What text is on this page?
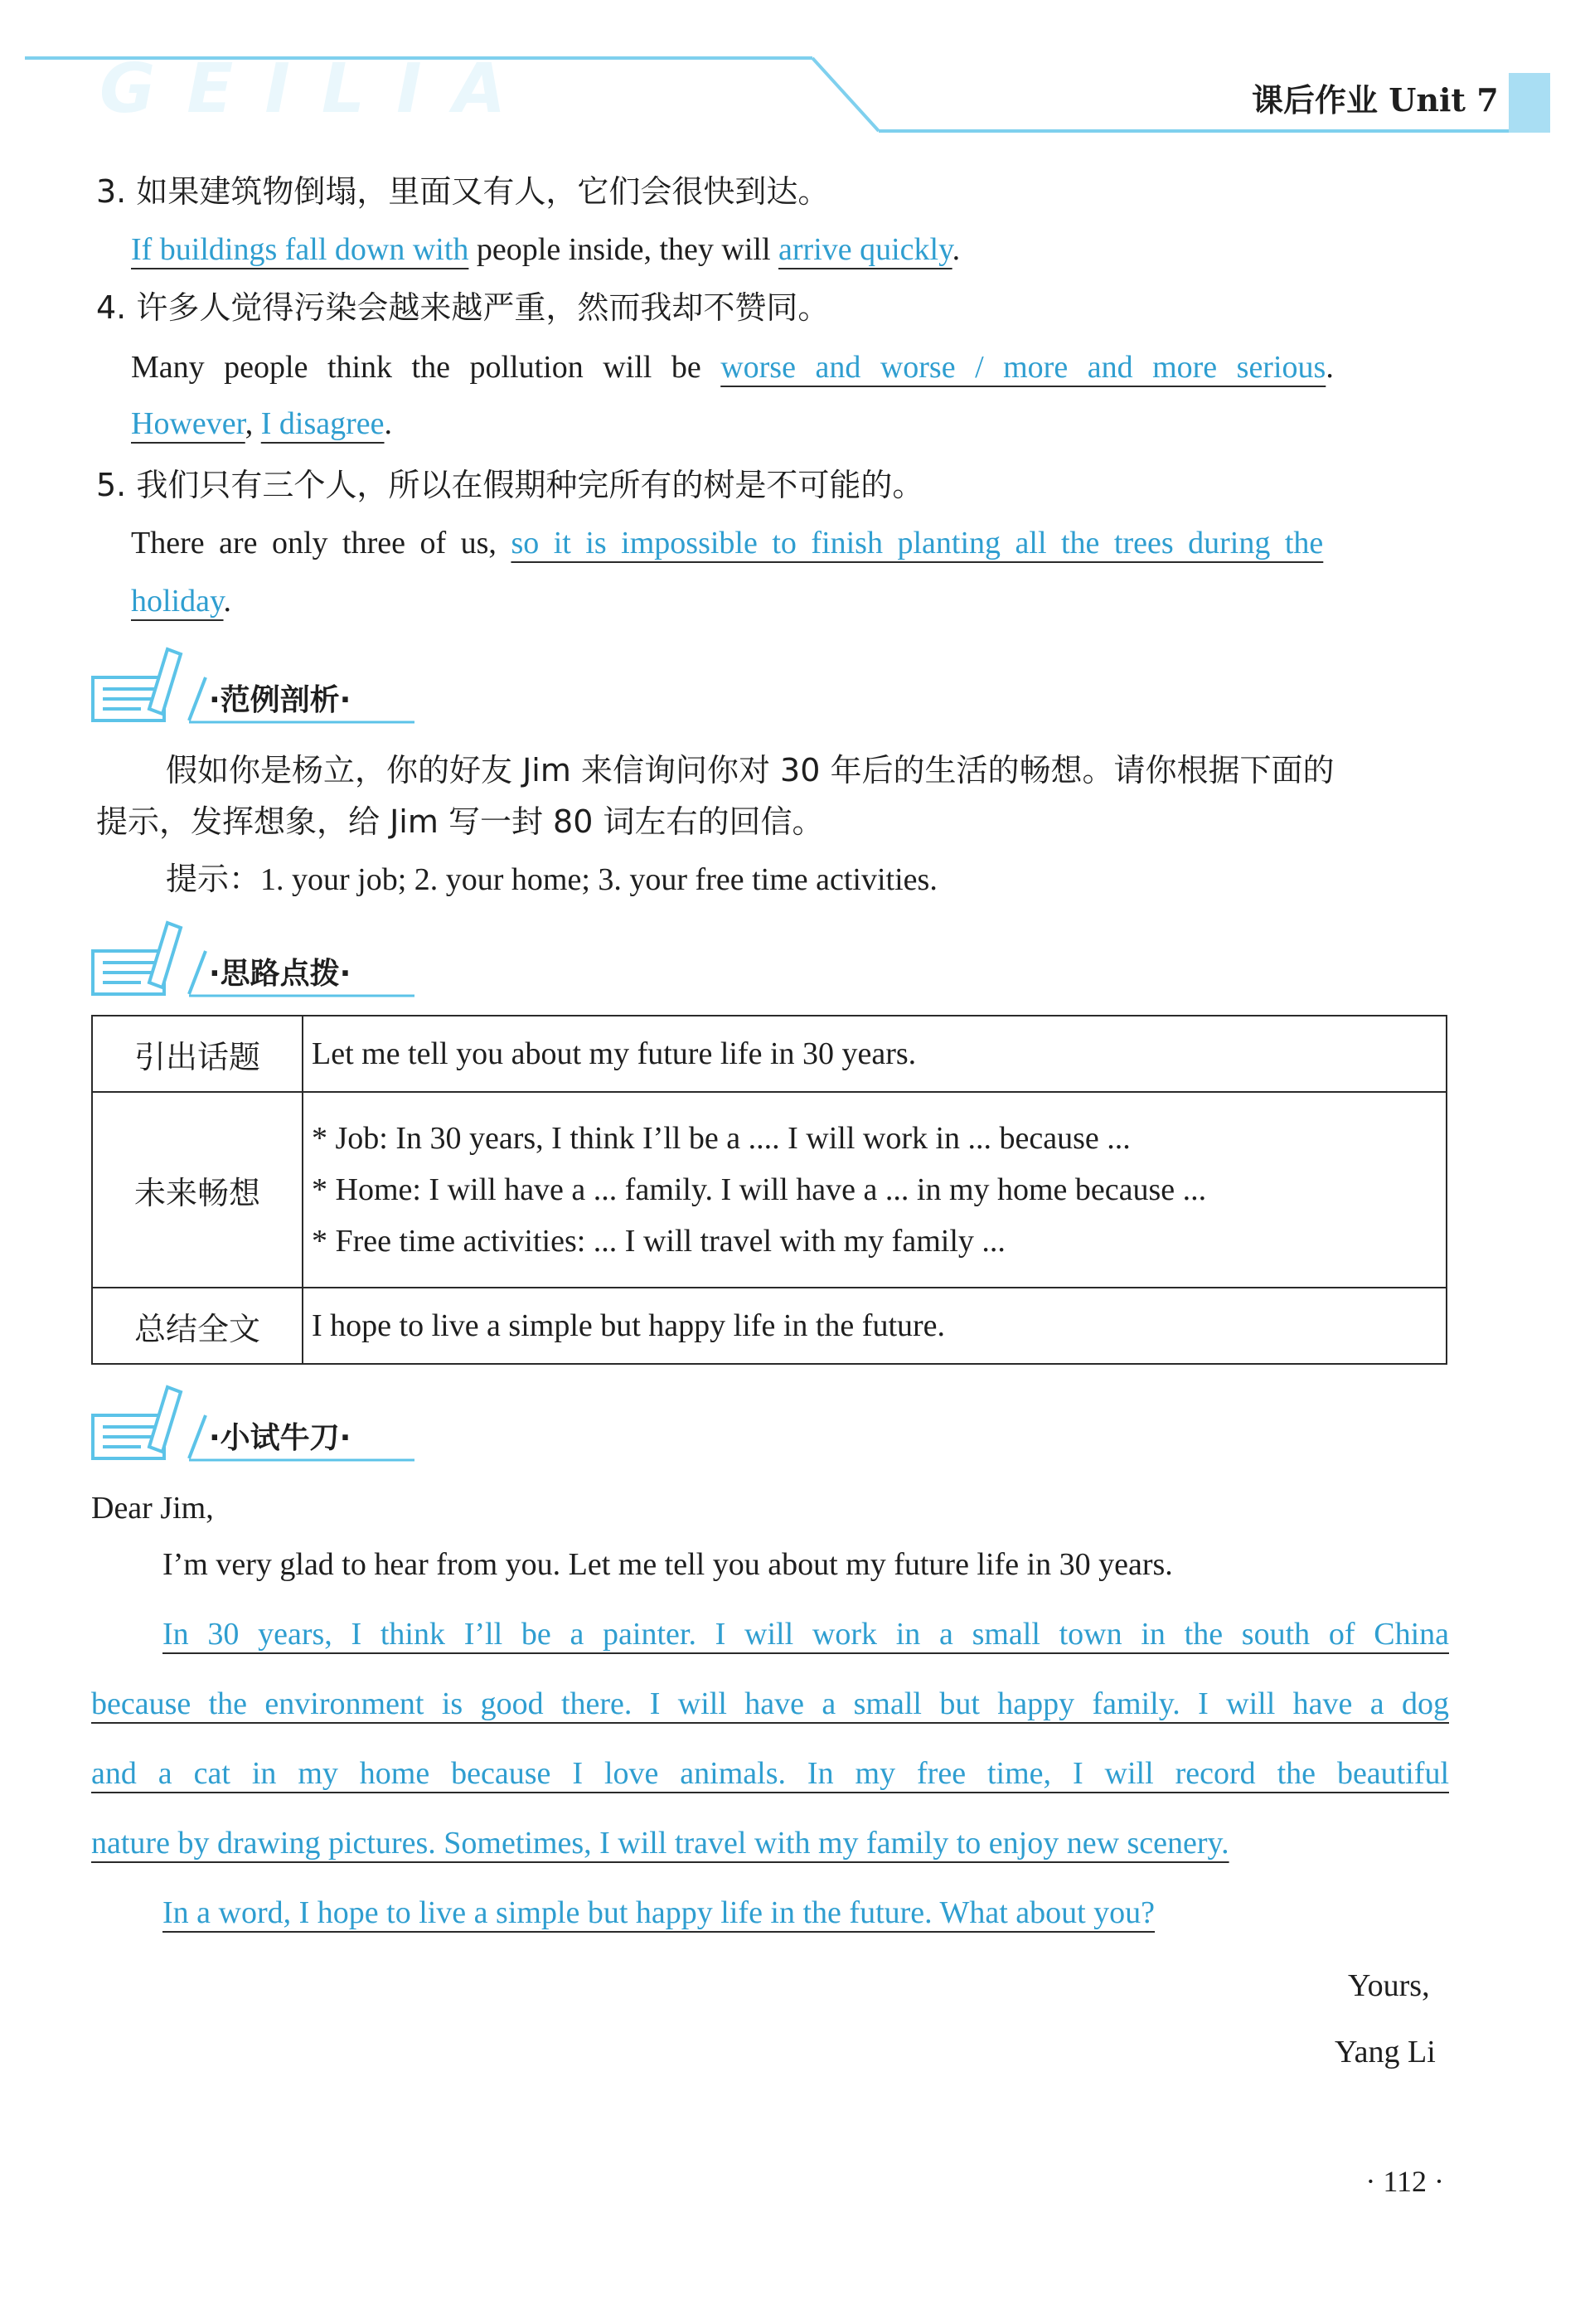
GEILIA	课后作业 Unit 7
3. 如果建筑物倒塌，里面又有人，它们会很快到达。
If buildings fall down with people inside, they will arrive quickly.
4. 许多人觉得污染会越来越严重，然而我却不赞同。
Many people think the pollution will be worse and worse / more and more serious.
However, I disagree.
5. 我们只有三个人，所以在假期种完所有的树是不可能的。
There are only three of us, so it is impossible to finish planting all the trees during the
holiday.
·范例剖析·
假如你是杨立，你的好友 Jim 来信询问你对 30 年后的生活的畅想。请你根据下面的
提示，发挥想象，给 Jim 写一封 80 词左右的回信。
提示：1. your job; 2. your home; 3. your free time activities.
·思路点拨·
引出话题	Let me tell you about my future life in 30 years.

未来畅想	* Job: In 30 years, I think I’ll be a .... I will work in ... because ...
* Home: I will have a ... family. I will have a ... in my home because ...
* Free time activities: ... I will travel with my family ...

总结全文	I hope to live a simple but happy life in the future.
·小试牛刀·
Dear Jim,
I’m very glad to hear from you. Let me tell you about my future life in 30 years.
In 30 years, I think I’ll be a painter. I will work in a small town in the south of China
because the environment is good there. I will have a small but happy family. I will have a dog
and a cat in my home because I love animals. In my free time, I will record the beautiful
nature by drawing pictures. Sometimes, I will travel with my family to enjoy new scenery.
In a word, I hope to live a simple but happy life in the future. What about you?
Yours,
Yang Li
· 112 ·
